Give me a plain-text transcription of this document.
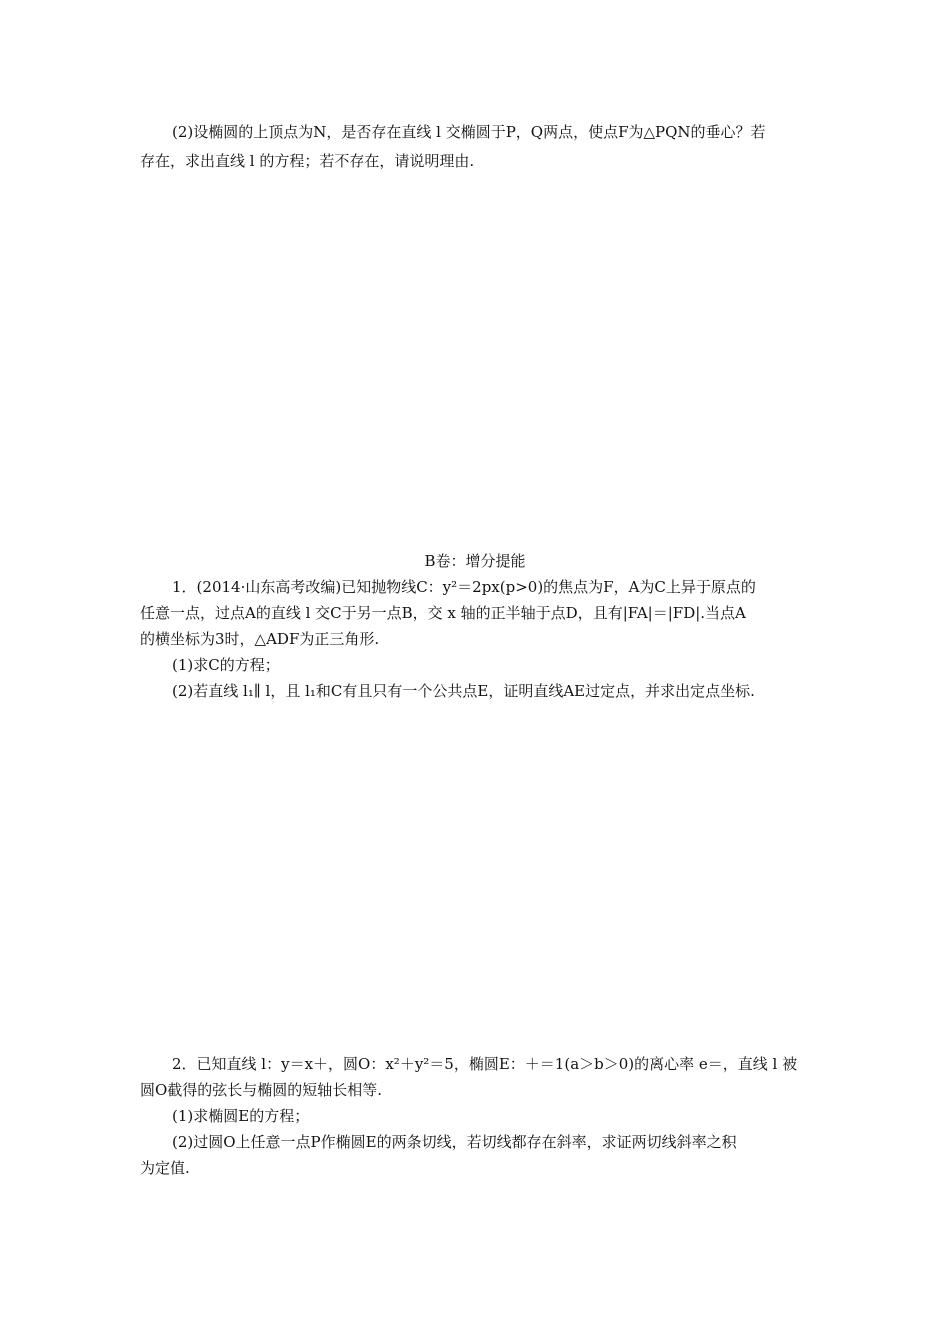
(2)设椭圆的上顶点为N，是否存在直线 l 交椭圆于P，Q两点，使点F为△PQN的垂心？若
存在，求出直线 l 的方程；若不存在，请说明理由.
B卷：增分提能
1．(2014·山东高考改编)已知抛物线C：y²＝2px(p>0)的焦点为F，A为C上异于原点的
任意一点，过点A的直线 l 交C于另一点B，交 x 轴的正半轴于点D，且有|FA|＝|FD|.当点A
的横坐标为3时，△ADF为正三角形.
(1)求C的方程；
(2)若直线 l₁∥ l，且 l₁和C有且只有一个公共点E，证明直线AE过定点，并求出定点坐标.
2．已知直线 l：y＝x＋，圆O：x²＋y²＝5，椭圆E：＋＝1(a＞b＞0)的离心率 e＝，直线 l 被
圆O截得的弦长与椭圆的短轴长相等.
(1)求椭圆E的方程；
(2)过圆O上任意一点P作椭圆E的两条切线，若切线都存在斜率，求证两切线斜率之积
为定值.
